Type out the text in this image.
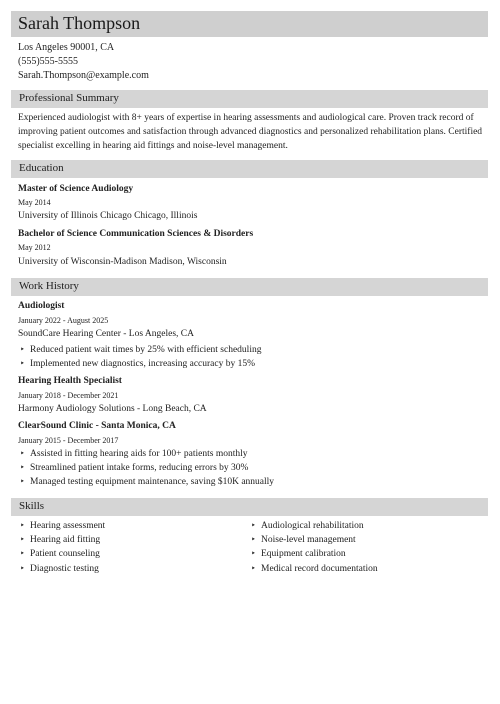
Sarah Thompson
Los Angeles 90001, CA
(555)555-5555
Sarah.Thompson@example.com
Professional Summary

Experienced audiologist with 8+ years of expertise in hearing assessments and audiological care. Proven track record of improving patient outcomes and satisfaction through advanced diagnostics and personalized rehabilitation plans. Certified specialist excelling in hearing aid fittings and noise-level management.

Education
Master of Science Audiology
May 2014
University of Illinois Chicago Chicago, Illinois
Bachelor of Science Communication Sciences & Disorders
May 2012
University of Wisconsin-Madison Madison, Wisconsin
Work History
Audiologist
January 2022 - August 2025
SoundCare Hearing Center - Los Angeles, CA
‣ Reduced patient wait times by 25% with efficient scheduling
‣ Implemented new diagnostics, increasing accuracy by 15%
Hearing Health Specialist
January 2018 - December 2021
Harmony Audiology Solutions - Long Beach, CA
ClearSound Clinic - Santa Monica, CA
January 2015 - December 2017
‣ Assisted in fitting hearing aids for 100+ patients monthly
‣ Streamlined patient intake forms, reducing errors by 30%
‣ Managed testing equipment maintenance, saving $10K annually
Skills
‣ Hearing assessment
‣ Hearing aid fitting
‣ Patient counseling
‣ Diagnostic testing
‣ Audiological rehabilitation
‣ Noise-level management
‣ Equipment calibration
‣ Medical record documentation
